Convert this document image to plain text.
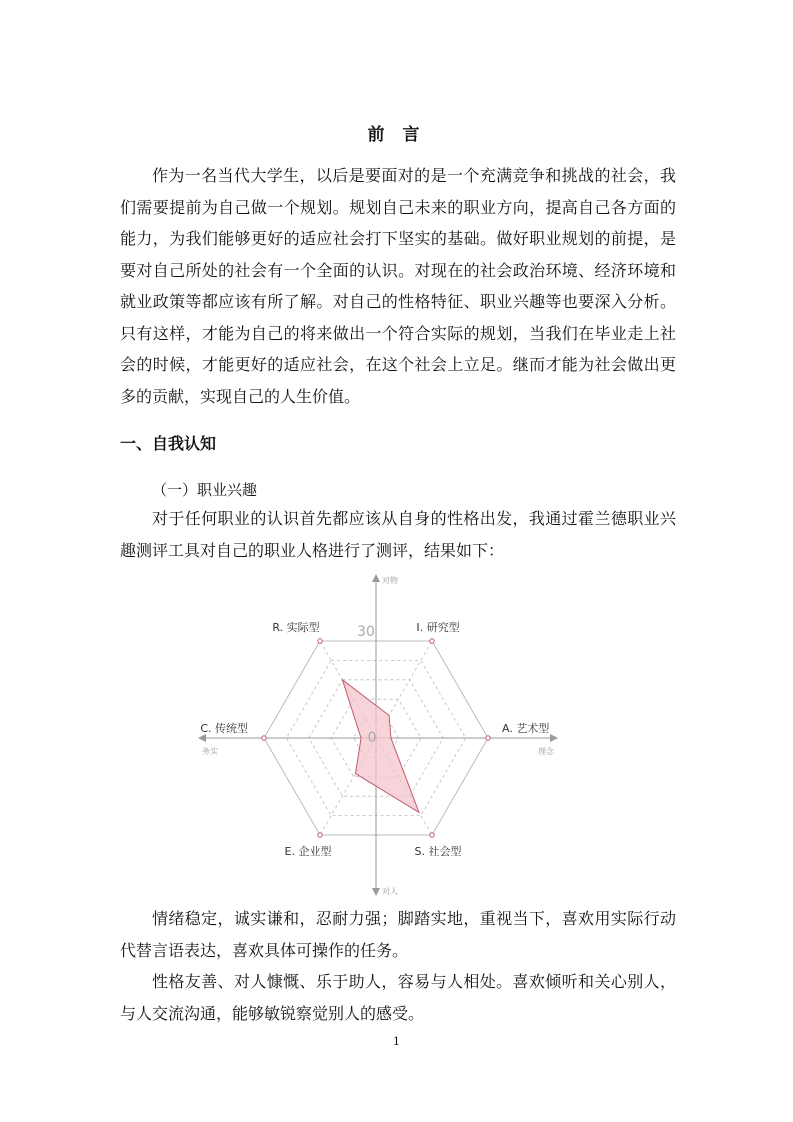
前 言

作为一名当代大学生，以后是要面对的是一个充满竞争和挑战的社会，我们需要提前为自己做一个规划。规划自己未来的职业方向，提高自己各方面的能力，为我们能够更好的适应社会打下坚实的基础。做好职业规划的前提，是要对自己所处的社会有一个全面的认识。对现在的社会政治环境、经济环境和就业政策等都应该有所了解。对自己的性格特征、职业兴趣等也要深入分析。只有这样，才能为自己的将来做出一个符合实际的规划，当我们在毕业走上社会的时候，才能更好的适应社会，在这个社会上立足。继而才能为社会做出更多的贡献，实现自己的人生价值。

一、自我认知
（一）职业兴趣

对于任何职业的认识首先都应该从自身的性格出发，我通过霍兰德职业兴趣测评工具对自己的职业人格进行了测评，结果如下：

R. 实际型	I. 研究型
A. 艺术型
S. 社会型
E. 企业型
C. 传统型
对物
对人
务实	理念
30
0

情绪稳定，诚实谦和，忍耐力强；脚踏实地，重视当下，喜欢用实际行动代替言语表达，喜欢具体可操作的任务。

性格友善、对人慷慨、乐于助人，容易与人相处。喜欢倾听和关心别人，与人交流沟通，能够敏锐察觉别人的感受。

1
